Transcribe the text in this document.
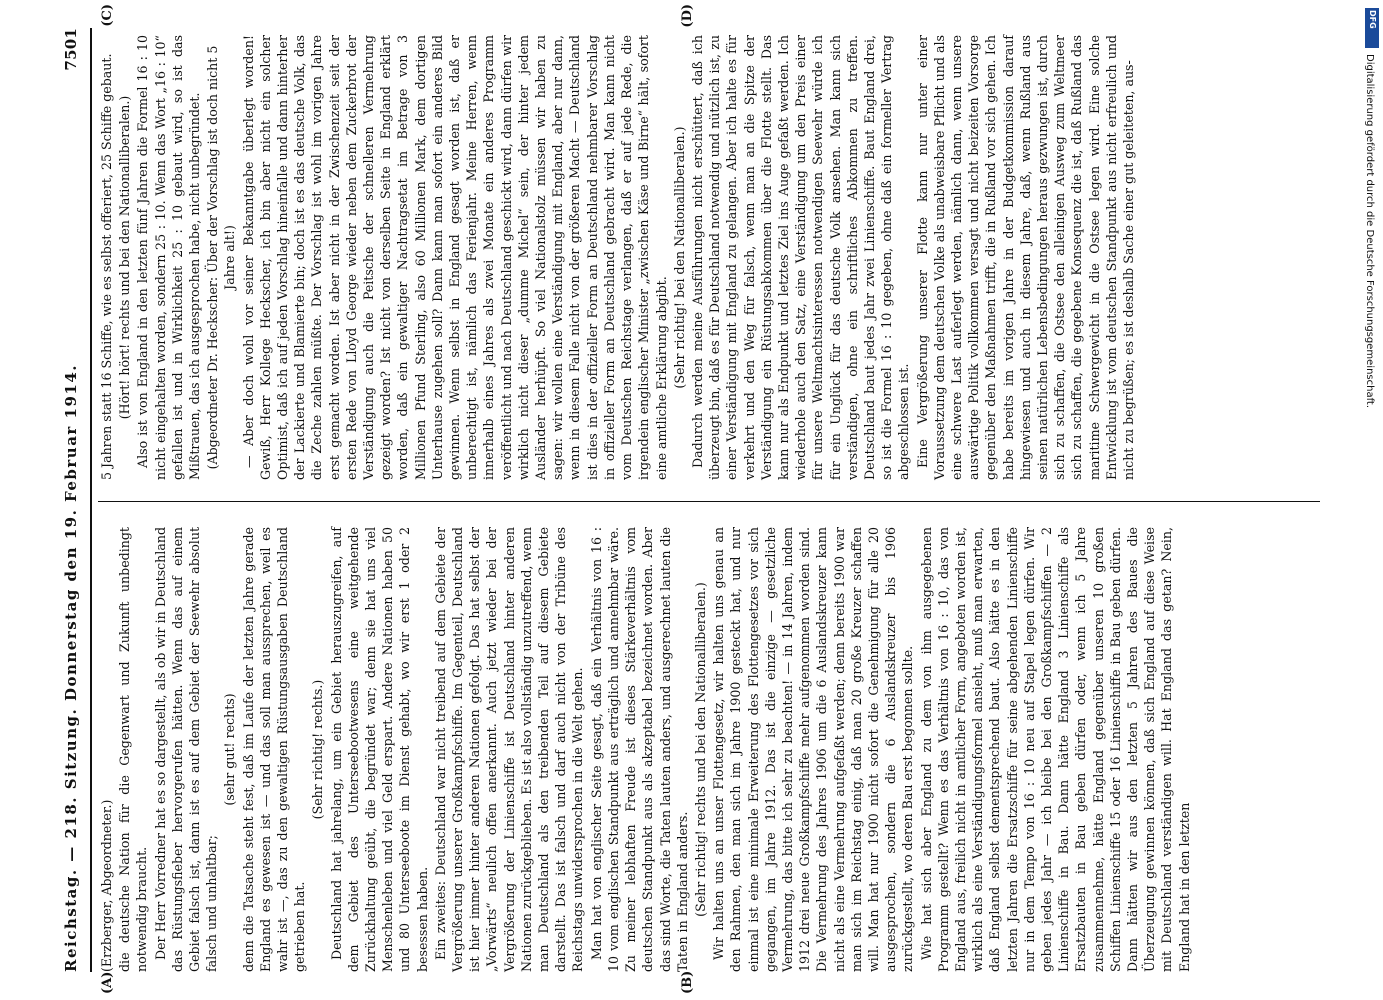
Reichstag. — 218. Sitzung. Donnerstag den 19. Februar 1914.
7501

(Erzberger, Abgeordneter.) die deutsche Nation für die Gegenwart und Zukunft unbedingt notwendig braucht. Der Herr Vorredner hat es so dargestellt, als ob wir in Deutschland das Rüstungsfieber hervorgerufen hätten. Wenn das auf einem Gebiet falsch ist, dann ist es auf dem Gebiet der Seewehr absolut falsch und unhaltbar;

(sehr gut! rechts) denn die Tatsache steht fest, daß im Laufe der letzten Jahre gerade England es gewesen ist — und das soll man aussprechen, weil es wahr ist —, das zu den gewaltigen Rüstungsausgaben Deutschland getrieben hat.

(Sehr richtig! rechts.) Deutschland hat jahrelang, um ein Gebiet herauszugreifen, auf dem Gebiet des Unterseebootwesens eine weitgehende Zurückhaltung geübt, die begründet war; denn sie hat uns viel Menschenleben und viel Geld erspart. Andere Nationen haben 50 und 80 Unterseeboote im Dienst gehabt, wo wir erst 1 oder 2 besessen haben. Ein zweites: Deutschland war nicht treibend auf dem Gebiete der Vergrößerung unserer Großkampfschiffe. Im Gegenteil, Deutschland ist hier immer hinter anderen Nationen gefolgt. Das hat selbst der „Vorwärts“ neulich offen anerkannt. Auch jetzt wieder bei der Vergrößerung der Linienschiffe ist Deutschland hinter anderen Nationen zurückgeblieben. Es ist also vollständig unzutreffend, wenn man Deutschland als den treibenden Teil auf diesem Gebiete darstellt. Das ist falsch und darf auch nicht von der Tribüne des Reichstags unwidersprochen in die Welt gehen. Man hat von englischer Seite gesagt, daß ein Verhältnis von 16 : 10 vom englischen Standpunkt aus erträglich und annehmbar wäre. Zu meiner lebhaften Freude ist dieses Stärkeverhältnis vom deutschen Standpunkt aus als akzeptabel bezeichnet worden. Aber das sind Worte, die Taten lauten anders, und ausgerechnet lauten die Taten in England anders. (Sehr richtig! rechts und bei den Nationalliberalen.) Wir halten uns an unser Flottengesetz, wir halten uns genau an den Rahmen, den man sich im Jahre 1900 gesteckt hat, und nur einmal ist eine minimale Erweiterung des Flottengesetzes vor sich gegangen, im Jahre 1912. Das ist die einzige — gesetzliche Vermehrung, das bitte ich sehr zu beachten! — in 14 Jahren, indem 1912 drei neue Großkampfschiffe mehr aufgenommen worden sind. Die Vermehrung des Jahres 1906 um die 6 Auslandskreuzer kann nicht als eine Vermehrung aufgefaßt werden; denn bereits 1900 war man sich im Reichstag einig, daß man 20 große Kreuzer schaffen will. Man hat nur 1900 nicht sofort die Genehmigung für alle 20 ausgesprochen, sondern die 6 Auslandskreuzer bis 1906 zurückgestellt, wo deren Bau erst begonnen sollte. Wie hat sich aber England zu dem von ihm ausgegebenen Programm gestellt? Wenn es das Verhältnis von 16 : 10, das von England aus, freilich nicht in amtlicher Form, angeboten worden ist, wirklich als eine Verständigungsformel ansieht, muß man erwarten, daß England selbst dementsprechend baut. Also hätte es in den letzten Jahren die Ersatzschiffe für seine abgehenden Linienschiffe nur in dem Tempo von 16 : 10 neu auf Stapel legen dürfen. Wir geben jedes Jahr — ich bleibe bei den Großkampfschiffen — 2 Linienschiffe in Bau. Dann hätte England 3 Linienschiffe als Ersatzbauten in Bau geben dürfen oder, wenn ich 5 Jahre zusammennehme, hätte England gegenüber unseren 10 großen Schiffen Linienschiffe 15 oder 16 Linienschiffe in Bau geben dürfen. Dann hätten wir aus den letzten 5 Jahren des Baues die Überzeugung gewinnen können, daß sich England auf diese Weise mit Deutschland verständigen will. Hat England das getan? Nein, England hat in den letzten

5 Jahren statt 16 Schiffe, wie es selbst offeriert, 25 Schiffe gebaut. (Hört! hört! rechts und bei den Nationalliberalen.) Also ist von England in den letzten fünf Jahren die Formel 16 : 10 nicht eingehalten worden, sondern 25 : 10. Wenn das Wort „16 : 10“ gefallen ist und in Wirklichkeit 25 : 10 gebaut wird, so ist das Mißtrauen, das ich ausgesprochen habe, nicht unbegründet. (Abgeordneter Dr. Heckscher: Über der Vorschlag ist doch nicht 5 Jahre alt!) — Aber doch wohl vor seiner Bekanntgabe überlegt worden! Gewiß, Herr Kollege Heckscher, ich bin aber nicht ein solcher Optimist, daß ich auf jeden Vorschlag hineinfalle und dann hinterher der Lackierte und Blamierte bin; doch ist es das deutsche Volk, das die Zeche zahlen müßte. Der Vorschlag ist wohl im vorigen Jahre erst gemacht worden. Ist aber nicht in der Zwischenzeit seit der ersten Rede von Lloyd George wieder neben dem Zuckerbrot der Verständigung auch die Peitsche der schnelleren Vermehrung gezeigt worden? Ist nicht von derselben Seite in England erklärt worden, daß ein gewaltiger Nachtragsetat im Betrage von 3 Millionen Pfund Sterling, also 60 Millionen Mark, dem dortigen Unterhause zugehen soll? Dann kann man sofort ein anderes Bild gewinnen. Wenn selbst in England gesagt worden ist, daß er unberechtigt ist, nämlich das Ferienjahr. Meine Herren, wenn innerhalb eines Jahres als zwei Monate ein anderes Programm veröffentlicht und nach Deutschland geschickt wird, dann dürfen wir wirklich nicht dieser „dumme Michel“ sein, der hinter jedem Ausländer herhüpft. So viel Nationalstolz müssen wir haben zu sagen: wir wollen eine Verständigung mit England, aber nur dann, wenn in diesem Falle nicht von der größeren Macht — Deutschland ist dies in der offizieller Form an Deutschland nehmbarer Vorschlag in offizieller Form an Deutschland gebracht wird. Man kann nicht vom Deutschen Reichstage verlangen, daß er auf jede Rede, die irgendein englischer Minister „zwischen Käse und Birne“ hält, sofort eine amtliche Erklärung abgibt. (Sehr richtig! bei den Nationalliberalen.) Dadurch werden meine Ausführungen nicht erschüttert, daß ich überzeugt bin, daß es für Deutschland notwendig und nützlich ist, zu einer Verständigung mit England zu gelangen. Aber ich halte es für verkehrt und den Weg für falsch, wenn man an die Spitze der Verständigung ein Rüstungsabkommen über die Flotte stellt. Das kann nur als Endpunkt und letztes Ziel ins Auge gefaßt werden. Ich wiederhole auch den Satz, eine Verständigung um den Preis einer für unsere Weltmachtsinteressen notwendigen Seewehr würde ich für ein Unglück für das deutsche Volk ansehen. Man kann sich verständigen, ohne ein schriftliches Abkommen zu treffen. Deutschland baut jedes Jahr zwei Linienschiffe. Baut England drei, so ist die Formel 16 : 10 gegeben, ohne daß ein formeller Vertrag abgeschlossen ist. Eine Vergrößerung unserer Flotte kann nur unter einer Voraussetzung dem deutschen Volke als unabweisbare Pflicht und als eine schwere Last auferlegt werden, nämlich dann, wenn unsere auswärtige Politik vollkommen versagt und nicht beizeiten Vorsorge gegenüber den Maßnahmen trifft, die in Rußland vor sich gehen. Ich habe bereits im vorigen Jahre in der Budgetkommission darauf hingewiesen und auch in diesem Jahre, daß, wenn Rußland aus seinen natürlichen Lebensbedingungen heraus gezwungen ist, durch sich zu schaffen, die Ostsee den alleinigen Ausweg zum Weltmeer sich zu schaffen, die gegebene Konsequenz die ist, daß Rußland das maritime Schwergewicht in die Ostsee legen wird. Eine solche Entwicklung ist vom deutschen Standpunkt aus nicht erfreulich und nicht zu begrüßen; es ist deshalb Sache einer gut geleiteten, aus-

(A)	(B)
(C)	(D)	DFG
Digitalisierung gefördert durch die Deutsche Forschungsgemeinschaft.
